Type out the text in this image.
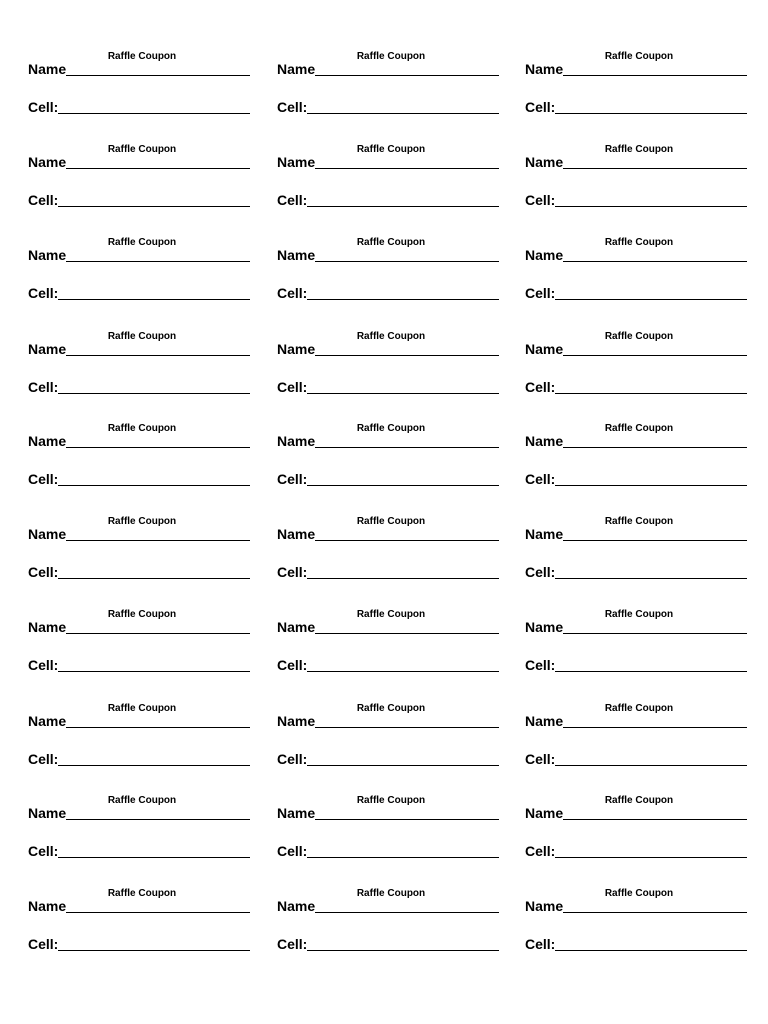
Raffle Coupon
Name
Cell:
Raffle Coupon
Name
Cell:
Raffle Coupon
Name
Cell:
Raffle Coupon
Name
Cell:
Raffle Coupon
Name
Cell:
Raffle Coupon
Name
Cell:
Raffle Coupon
Name
Cell:
Raffle Coupon
Name
Cell:
Raffle Coupon
Name
Cell:
Raffle Coupon
Name
Cell:
Raffle Coupon
Name
Cell:
Raffle Coupon
Name
Cell:
Raffle Coupon
Name
Cell:
Raffle Coupon
Name
Cell:
Raffle Coupon
Name
Cell:
Raffle Coupon
Name
Cell:
Raffle Coupon
Name
Cell:
Raffle Coupon
Name
Cell:
Raffle Coupon
Name
Cell:
Raffle Coupon
Name
Cell:
Raffle Coupon
Name
Cell:
Raffle Coupon
Name
Cell:
Raffle Coupon
Name
Cell:
Raffle Coupon
Name
Cell:
Raffle Coupon
Name
Cell:
Raffle Coupon
Name
Cell:
Raffle Coupon
Name
Cell:
Raffle Coupon
Name
Cell:
Raffle Coupon
Name
Cell:
Raffle Coupon
Name
Cell:
